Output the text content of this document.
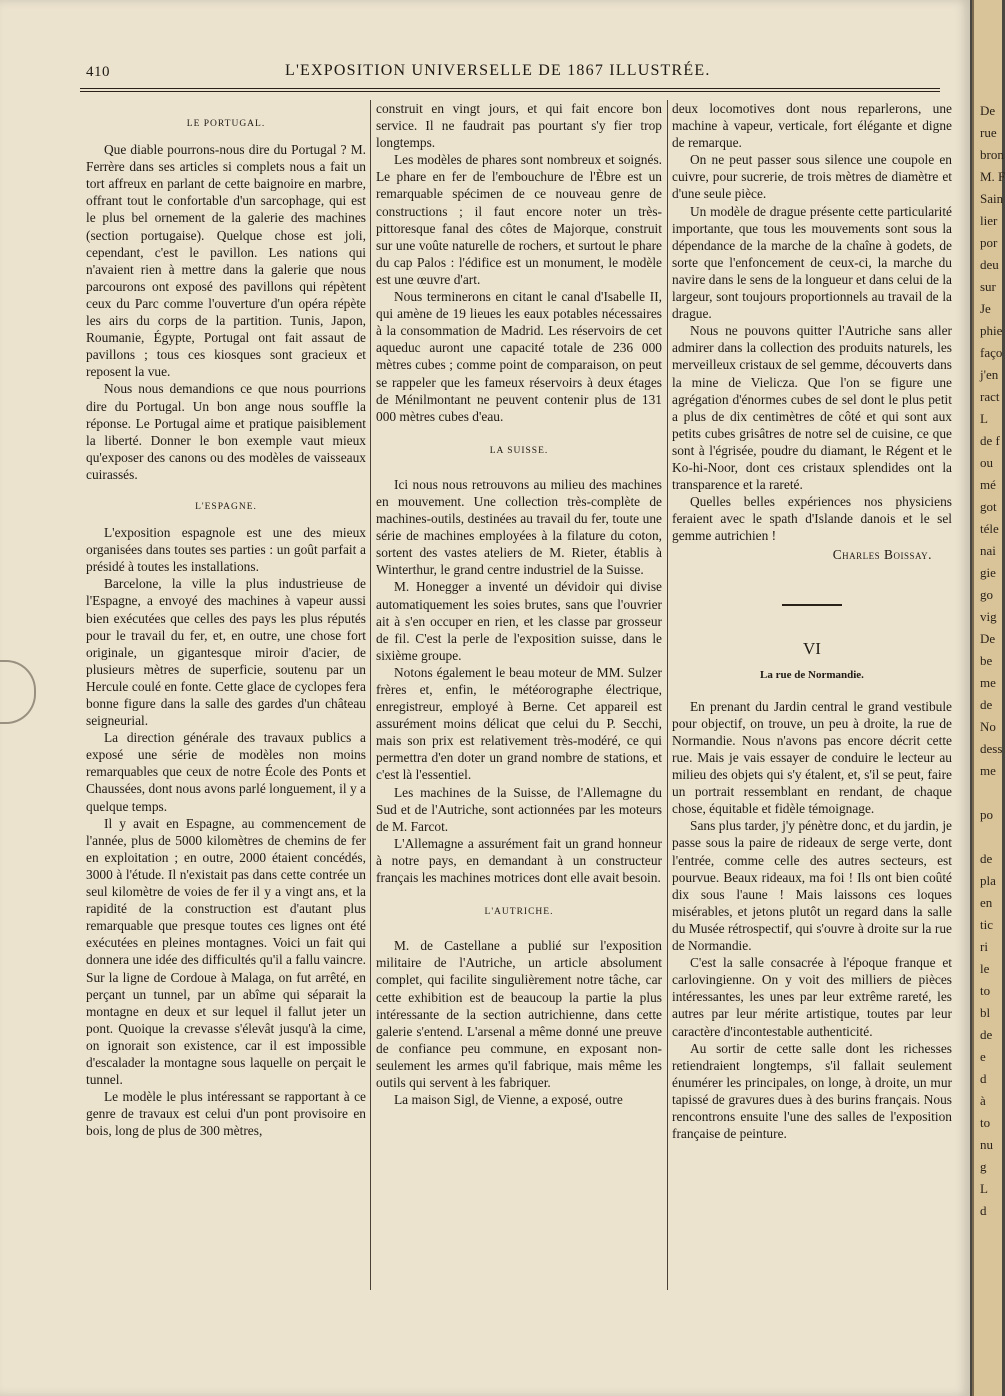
410	L'EXPOSITION UNIVERSELLE DE 1867 ILLUSTRÉE.
LE PORTUGAL.

Que diable pourrons-nous dire du Portugal ? M. Ferrère dans ses articles si complets nous a fait un tort affreux en parlant de cette baignoire en marbre, offrant tout le confortable d'un sarcophage, qui est le plus bel ornement de la galerie des machines (section portugaise). Quelque chose est joli, cependant, c'est le pavillon. Les nations qui n'avaient rien à mettre dans la galerie que nous parcourons ont exposé des pavillons qui répètent ceux du Parc comme l'ouverture d'un opéra répète les airs du corps de la partition. Tunis, Japon, Roumanie, Égypte, Portugal ont fait assaut de pavillons ; tous ces kiosques sont gracieux et reposent la vue.

Nous nous demandions ce que nous pourrions dire du Portugal. Un bon ange nous souffle la réponse. Le Portugal aime et pratique paisiblement la liberté. Donner le bon exemple vaut mieux qu'exposer des canons ou des modèles de vaisseaux cuirassés.

L'ESPAGNE.

L'exposition espagnole est une des mieux organisées dans toutes ses parties : un goût parfait a présidé à toutes les installations.

Barcelone, la ville la plus industrieuse de l'Espagne, a envoyé des machines à vapeur aussi bien exécutées que celles des pays les plus réputés pour le travail du fer, et, en outre, une chose fort originale, un gigantesque miroir d'acier, de plusieurs mètres de superficie, soutenu par un Hercule coulé en fonte. Cette glace de cyclopes fera bonne figure dans la salle des gardes d'un château seigneurial.

La direction générale des travaux publics a exposé une série de modèles non moins remarquables que ceux de notre École des Ponts et Chaussées, dont nous avons parlé longuement, il y a quelque temps.

Il y avait en Espagne, au commencement de l'année, plus de 5000 kilomètres de chemins de fer en exploitation ; en outre, 2000 étaient concédés, 3000 à l'étude. Il n'existait pas dans cette contrée un seul kilomètre de voies de fer il y a vingt ans, et la rapidité de la construction est d'autant plus remarquable que presque toutes ces lignes ont été exécutées en pleines montagnes. Voici un fait qui donnera une idée des difficultés qu'il a fallu vaincre. Sur la ligne de Cordoue à Malaga, on fut arrêté, en perçant un tunnel, par un abîme qui séparait la montagne en deux et sur lequel il fallut jeter un pont. Quoique la crevasse s'élevât jusqu'à la cime, on ignorait son existence, car il est impossible d'escalader la montagne sous laquelle on perçait le tunnel.

Le modèle le plus intéressant se rapportant à ce genre de travaux est celui d'un pont provisoire en bois, long de plus de 300 mètres,

construit en vingt jours, et qui fait encore bon service. Il ne faudrait pas pourtant s'y fier trop longtemps.

Les modèles de phares sont nombreux et soignés. Le phare en fer de l'embouchure de l'Èbre est un remarquable spécimen de ce nouveau genre de constructions ; il faut encore noter un très-pittoresque fanal des côtes de Majorque, construit sur une voûte naturelle de rochers, et surtout le phare du cap Palos : l'édifice est un monument, le modèle est une œuvre d'art.

Nous terminerons en citant le canal d'Isabelle II, qui amène de 19 lieues les eaux potables nécessaires à la consommation de Madrid. Les réservoirs de cet aqueduc auront une capacité totale de 236 000 mètres cubes ; comme point de comparaison, on peut se rappeler que les fameux réservoirs à deux étages de Ménilmontant ne peuvent contenir plus de 131 000 mètres cubes d'eau.

LA SUISSE.

Ici nous nous retrouvons au milieu des machines en mouvement. Une collection très-complète de machines-outils, destinées au travail du fer, toute une série de machines employées à la filature du coton, sortent des vastes ateliers de M. Rieter, établis à Winterthur, le grand centre industriel de la Suisse.

M. Honegger a inventé un dévidoir qui divise automatiquement les soies brutes, sans que l'ouvrier ait à s'en occuper en rien, et les classe par grosseur de fil. C'est la perle de l'exposition suisse, dans le sixième groupe.

Notons également le beau moteur de MM. Sulzer frères et, enfin, le météorographe électrique, enregistreur, employé à Berne. Cet appareil est assurément moins délicat que celui du P. Secchi, mais son prix est relativement très-modéré, ce qui permettra d'en doter un grand nombre de stations, et c'est là l'essentiel.

Les machines de la Suisse, de l'Allemagne du Sud et de l'Autriche, sont actionnées par les moteurs de M. Farcot.

L'Allemagne a assurément fait un grand honneur à notre pays, en demandant à un constructeur français les machines motrices dont elle avait besoin.

L'AUTRICHE.

M. de Castellane a publié sur l'exposition militaire de l'Autriche, un article absolument complet, qui facilite singulièrement notre tâche, car cette exhibition est de beaucoup la partie la plus intéressante de la section autrichienne, dans cette galerie s'entend. L'arsenal a même donné une preuve de confiance peu commune, en exposant non-seulement les armes qu'il fabrique, mais même les outils qui servent à les fabriquer.

La maison Sigl, de Vienne, a exposé, outre

deux locomotives dont nous reparlerons, une machine à vapeur, verticale, fort élégante et digne de remarque.

On ne peut passer sous silence une coupole en cuivre, pour sucrerie, de trois mètres de diamètre et d'une seule pièce.

Un modèle de drague présente cette particularité importante, que tous les mouvements sont sous la dépendance de la marche de la chaîne à godets, de sorte que l'enfoncement de ceux-ci, la marche du navire dans le sens de la longueur et dans celui de la largeur, sont toujours proportionnels au travail de la drague.

Nous ne pouvons quitter l'Autriche sans aller admirer dans la collection des produits naturels, les merveilleux cristaux de sel gemme, découverts dans la mine de Vielicza. Que l'on se figure une agrégation d'énormes cubes de sel dont le plus petit a plus de dix centimètres de côté et qui sont aux petits cubes grisâtres de notre sel de cuisine, ce que sont à l'égrisée, poudre du diamant, le Régent et le Ko-hi-Noor, dont ces cristaux splendides ont la transparence et la rareté.

Quelles belles expériences nos physiciens feraient avec le spath d'Islande danois et le sel gemme autrichien !

Charles Boissay.
VI
La rue de Normandie.

En prenant du Jardin central le grand vestibule pour objectif, on trouve, un peu à droite, la rue de Normandie. Nous n'avons pas encore décrit cette rue. Mais je vais essayer de conduire le lecteur au milieu des objets qui s'y étalent, et, s'il se peut, faire un portrait ressemblant en rendant, de chaque chose, équitable et fidèle témoignage.

Sans plus tarder, j'y pénètre donc, et du jardin, je passe sous la paire de rideaux de serge verte, dont l'entrée, comme celle des autres secteurs, est pourvue. Beaux rideaux, ma foi ! Ils ont bien coûté dix sous l'aune ! Mais laissons ces loques misérables, et jetons plutôt un regard dans la salle du Musée rétrospectif, qui s'ouvre à droite sur la rue de Normandie.

C'est la salle consacrée à l'époque franque et carlovingienne. On y voit des milliers de pièces intéressantes, les unes par leur extrême rareté, les autres par leur mérite artistique, toutes par leur caractère d'incontestable authenticité.

Au sortir de cette salle dont les richesses retiendraient longtemps, s'il fallait seulement énumérer les principales, on longe, à droite, un mur tapissé de gravures dues à des burins français. Nous rencontrons ensuite l'une des salles de l'exposition française de peinture.

De
rue
bron
M. F
Sain
lier
por
deu
sur
Je
phie
faço
j'en
ract
L
de f
ou
mé
got
téle
nai
gie
go
vig
De
be
me
de
No
dess
me

po

de
pla
en
tic
ri
le
to
bl
de
e
d
à
to
nu
g
L
d
